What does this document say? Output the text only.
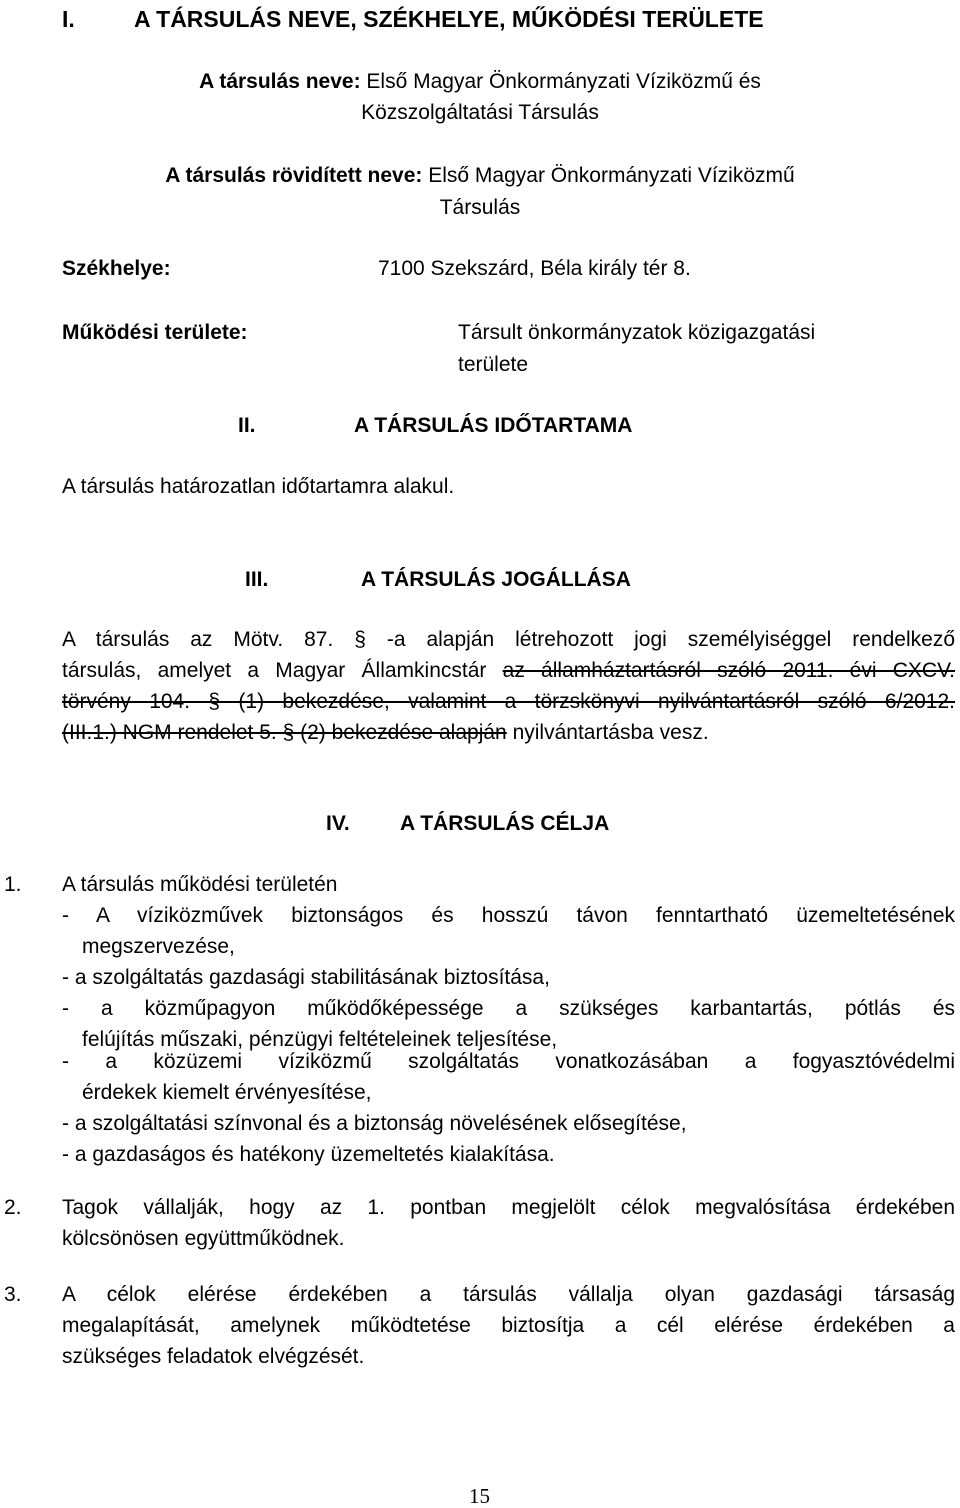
I.	A TÁRSULÁS NEVE, SZÉKHELYE, MŰKÖDÉSI TERÜLETE
A társulás neve: Első Magyar Önkormányzati Víziközmű és
Közszolgáltatási Társulás
A társulás rövidített neve: Első Magyar Önkormányzati Víziközmű
Társulás
Székhelye:	7100 Szekszárd, Béla király tér 8.
Működési területe:	Társult önkormányzatok közigazgatási
területe
II.	A TÁRSULÁS IDŐTARTAMA
A társulás határozatlan időtartamra alakul.
III.	A TÁRSULÁS JOGÁLLÁSA
A társulás az Mötv. 87. § -a alapján létrehozott jogi személyiséggel rendelkező
társulás, amelyet a Magyar Államkincstár az államháztartásról szóló 2011. évi CXCV.
törvény 104. § (1) bekezdése, valamint a törzskönyvi nyilvántartásról szóló 6/2012.
(III.1.) NGM rendelet 5. § (2) bekezdése alapján nyilvántartásba vesz.
IV. A TÁRSULÁS CÉLJA
1. A társulás működési területén
- A víziközművek biztonságos és hosszú távon fenntartható üzemeltetésének
megszervezése,
- a szolgáltatás gazdasági stabilitásának biztosítása,
- a közműpagyon működőképessége a szükséges karbantartás, pótlás és
felújítás műszaki, pénzügyi feltételeinek teljesítése,
- a közüzemi víziközmű szolgáltatás vonatkozásában a fogyasztóvédelmi
érdekek kiemelt érvényesítése,
- a szolgáltatási színvonal és a biztonság növelésének elősegítése,
- a gazdaságos és hatékony üzemeltetés kialakítása.
2. Tagok vállalják, hogy az 1. pontban megjelölt célok megvalósítása érdekében
kölcsönösen együttműködnek.
3. A célok elérése érdekében a társulás vállalja olyan gazdasági társaság
megalapítását, amelynek működtetése biztosítja a cél elérése érdekében a
szükséges feladatok elvégzését.
15
